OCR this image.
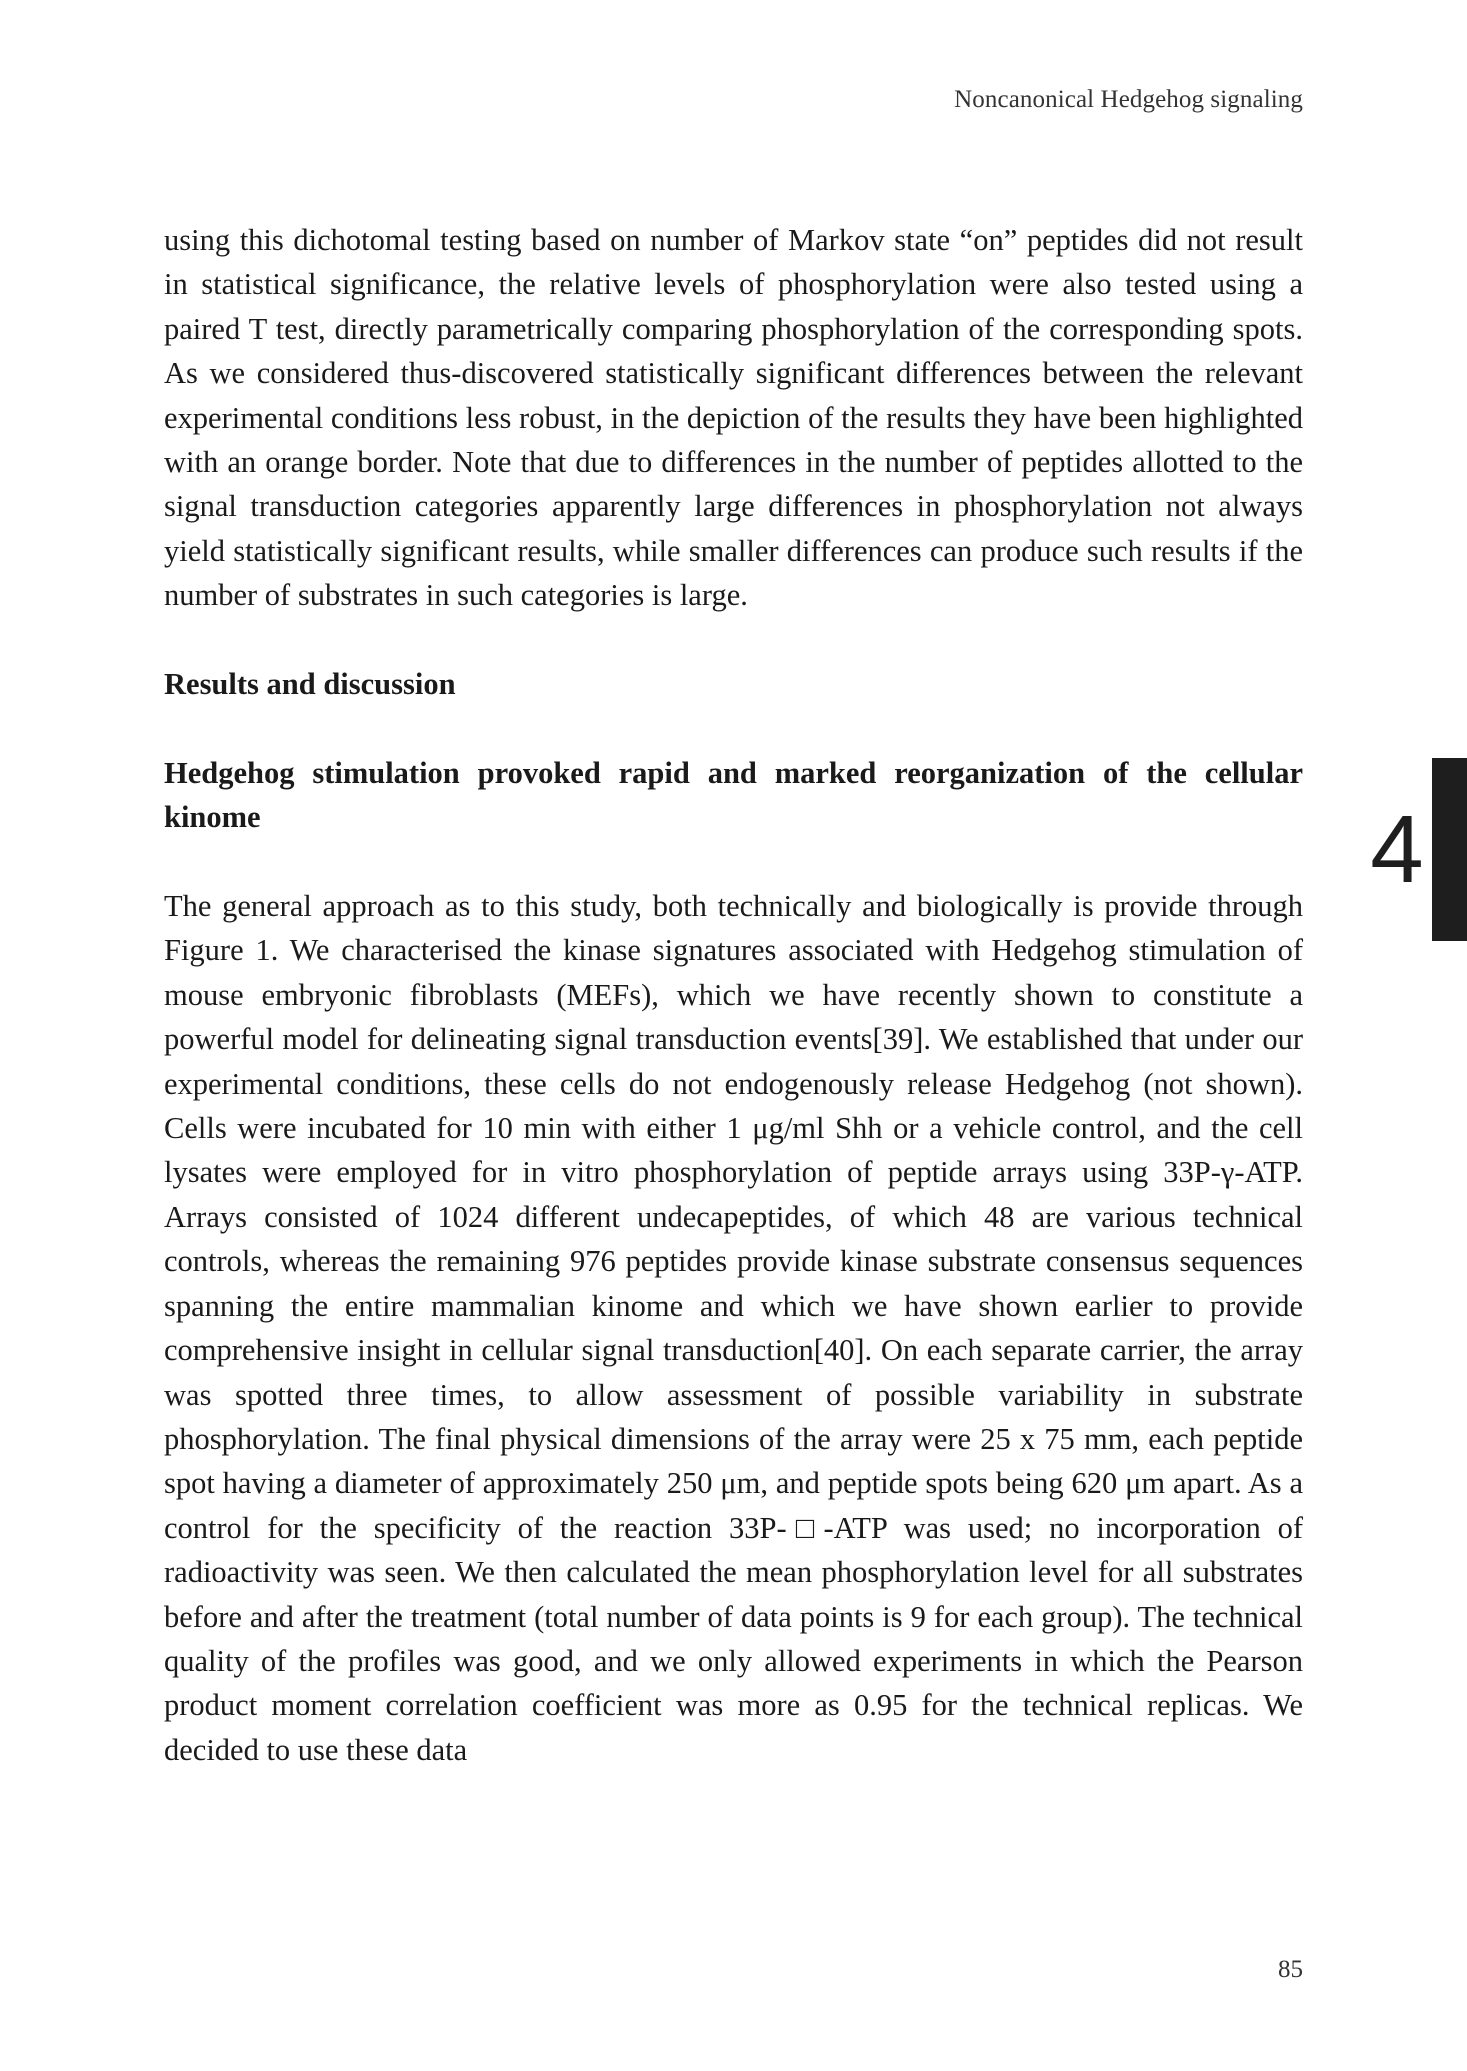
Noncanonical Hedgehog signaling

using this dichotomal testing based on number of Markov state “on” peptides did not result in statistical significance, the relative levels of phosphorylation were also tested using a paired T test, directly parametrically comparing phosphorylation of the corresponding spots. As we considered thus-discovered statistically significant differences between the relevant experimental conditions less robust, in the depiction of the results they have been highlighted with an orange border. Note that due to differences in the number of peptides allotted to the signal transduction categories apparently large differences in phosphorylation not always yield statistically significant results, while smaller differences can produce such results if the number of substrates in such categories is large.

Results and discussion

Hedgehog stimulation provoked rapid and marked reorganization of the cellular kinome

The general approach as to this study, both technically and biologically is provide through Figure 1. We characterised the kinase signatures associated with Hedgehog stimulation of mouse embryonic fibroblasts (MEFs), which we have recently shown to constitute a powerful model for delineating signal transduction events[39]. We established that under our experimental conditions, these cells do not endogenously release Hedgehog (not shown). Cells were incubated for 10 min with either 1 μg/ml Shh or a vehicle control, and the cell lysates were employed for in vitro phosphorylation of peptide arrays using 33P-γ-ATP. Arrays consisted of 1024 different undecapeptides, of which 48 are various technical controls, whereas the remaining 976 peptides provide kinase substrate consensus sequences spanning the entire mammalian kinome and which we have shown earlier to provide comprehensive insight in cellular signal transduction[40]. On each separate carrier, the array was spotted three times, to allow assessment of possible variability in substrate phosphorylation. The final physical dimensions of the array were 25 x 75 mm, each peptide spot having a diameter of approximately 250 μm, and peptide spots being 620 μm apart. As a control for the specificity of the reaction 33P-□-ATP was used; no incorporation of radioactivity was seen. We then calculated the mean phosphorylation level for all substrates before and after the treatment (total number of data points is 9 for each group). The technical quality of the profiles was good, and we only allowed experiments in which the Pearson product moment correlation coefficient was more as 0.95 for the technical replicas. We decided to use these data

4
85
